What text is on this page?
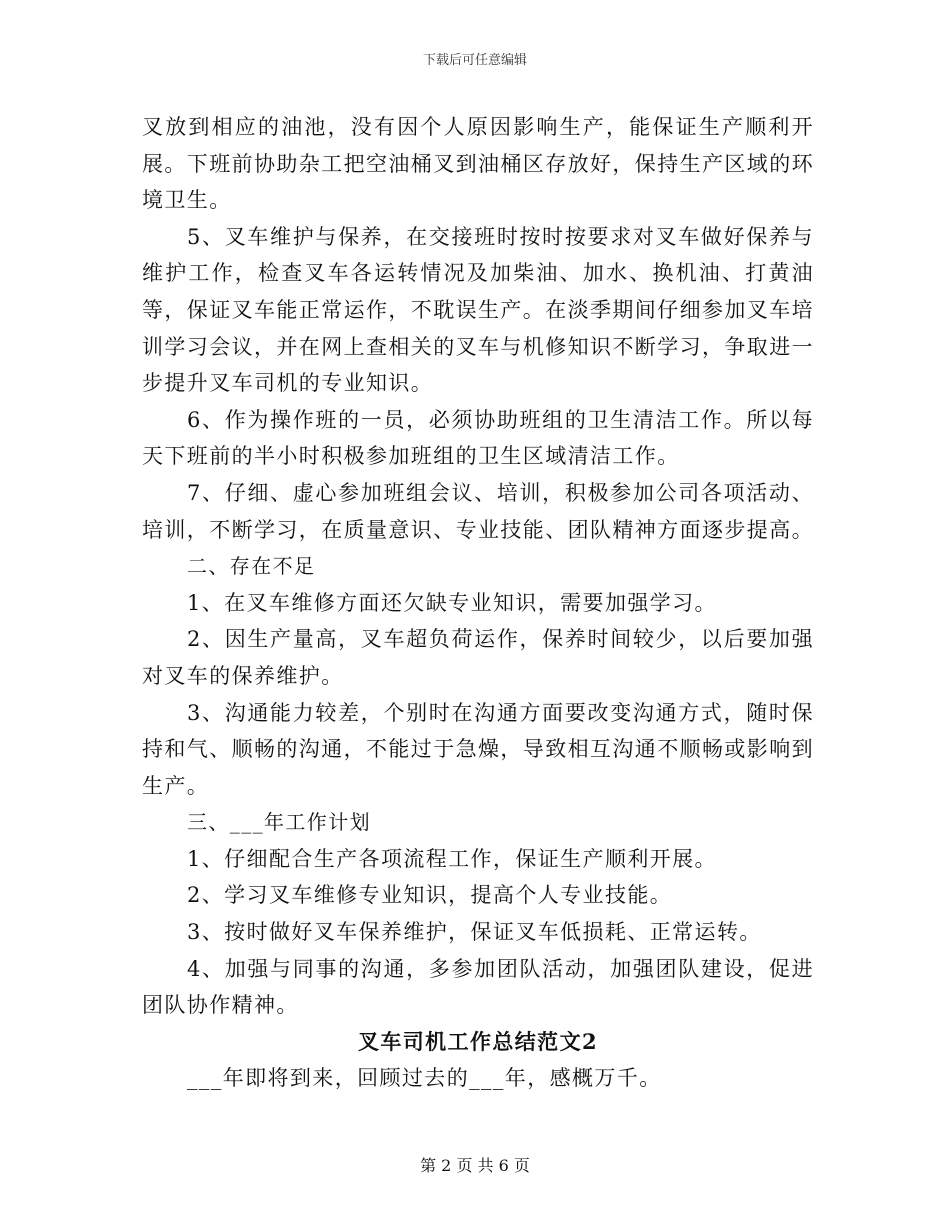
下载后可任意编辑

叉放到相应的油池，没有因个人原因影响生产，能保证生产顺利开展。下班前协助杂工把空油桶叉到油桶区存放好，保持生产区域的环境卫生。

5、叉车维护与保养，在交接班时按时按要求对叉车做好保养与维护工作，检查叉车各运转情况及加柴油、加水、换机油、打黄油等，保证叉车能正常运作，不耽误生产。在淡季期间仔细参加叉车培训学习会议，并在网上查相关的叉车与机修知识不断学习，争取进一步提升叉车司机的专业知识。

6、作为操作班的一员，必须协助班组的卫生清洁工作。所以每天下班前的半小时积极参加班组的卫生区域清洁工作。

7、仔细、虚心参加班组会议、培训，积极参加公司各项活动、培训，不断学习，在质量意识、专业技能、团队精神方面逐步提高。

二、存在不足

1、在叉车维修方面还欠缺专业知识，需要加强学习。

2、因生产量高，叉车超负荷运作，保养时间较少，以后要加强对叉车的保养维护。

3、沟通能力较差，个别时在沟通方面要改变沟通方式，随时保持和气、顺畅的沟通，不能过于急燥，导致相互沟通不顺畅或影响到生产。

三、___年工作计划

1、仔细配合生产各项流程工作，保证生产顺利开展。

2、学习叉车维修专业知识，提高个人专业技能。

3、按时做好叉车保养维护，保证叉车低损耗、正常运转。

4、加强与同事的沟通，多参加团队活动，加强团队建设，促进团队协作精神。

叉车司机工作总结范文2

___年即将到来，回顾过去的___年，感概万千。

第 2 页 共 6 页
